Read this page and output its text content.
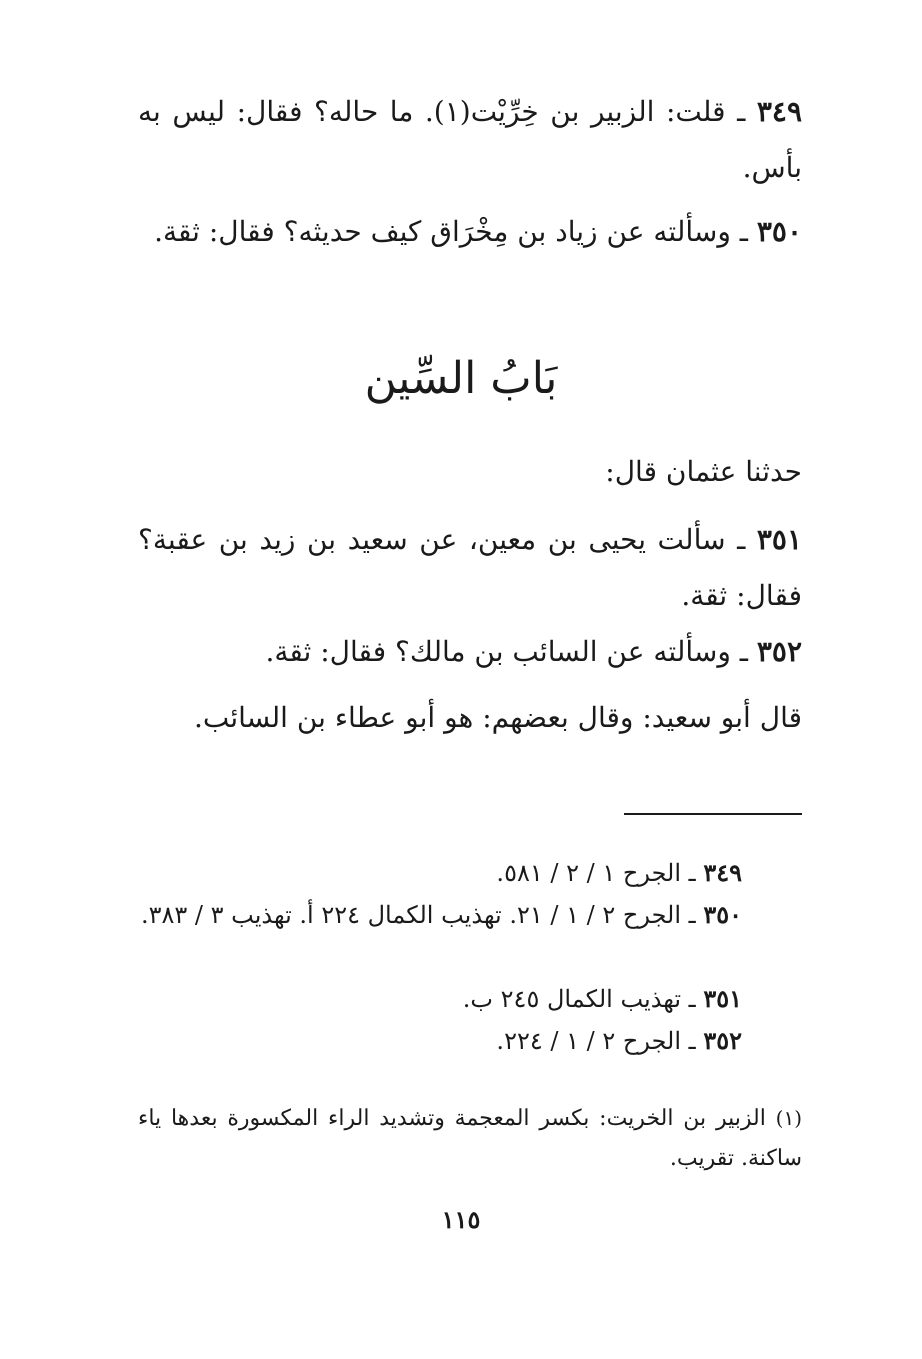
٣٤٩ ـ قلت: الزبير بن خِرِّيْت(١). ما حاله؟ فقال: ليس به بأس.

٣٥٠ ـ وسألته عن زياد بن مِخْرَاق كيف حديثه؟ فقال: ثقة.

بَابُ السِّين

حدثنا عثمان قال:

٣٥١ ـ سألت يحيى بن معين، عن سعيد بن زيد بن عقبة؟ فقال: ثقة.

٣٥٢ ـ وسألته عن السائب بن مالك؟ فقال: ثقة.

قال أبو سعيد: وقال بعضهم: هو أبو عطاء بن السائب.

٣٤٩ ـ الجرح ١ / ٢ / ٥٨١.

٣٥٠ ـ الجرح ٢ / ١ / ٢١. تهذيب الكمال ٢٢٤ أ. تهذيب ٣ / ٣٨٣.

٣٥١ ـ تهذيب الكمال ٢٤٥ ب.

٣٥٢ ـ الجرح ٢ / ١ / ٢٢٤.

(١) الزبير بن الخريت: بكسر المعجمة وتشديد الراء المكسورة بعدها ياء ساكنة. تقريب.

١١٥
